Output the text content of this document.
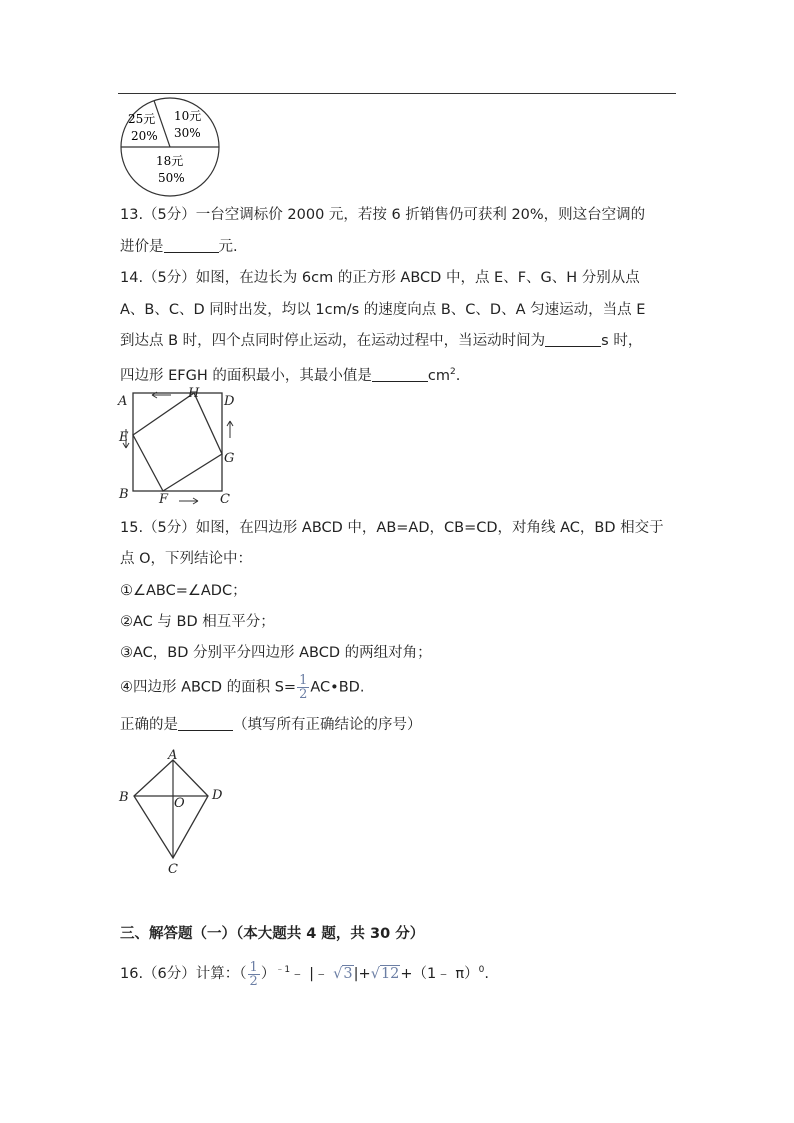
25元
20%
10元
30%
18元
50%
13.（5分）一台空调标价 2000 元，若按 6 折销售仍可获利 20%，则这台空调的
进价是	元.
14.（5分）如图，在边长为 6cm 的正方形 ABCD 中，点 E、F、G、H 分别从点
A、B、C、D 同时出发，均以 1cm/s 的速度向点 B、C、D、A 匀速运动，当点 E
到达点 B 时，四个点同时停止运动，在运动过程中，当运动时间为	s 时，
四边形 EFGH 的面积最小，其最小值是	$cm^2$.
A	D
H
E
G
B F	C
15.（5分）如图，在四边形 ABCD 中，AB=AD，CB=CD，对角线 AC，BD 相交于
点 O，下列结论中：
①∠ABC=∠ADC；
②AC 与 BD 相互平分；
③AC，BD 分别平分四边形 ABCD 的两组对角；
④四边形 ABCD 的面积 $S= \frac{1}{2}$ AC•BD.
正确的是	（填写所有正确结论的序号）
A
B	D
O
C
三、解答题（一）（本大题共 4 题，共 30 分）
16.（6分）计算：（ $\frac{1}{2}$ ）$^{﹣1}$﹣ |﹣ √3|+√12+（1﹣ π）$^0$.
